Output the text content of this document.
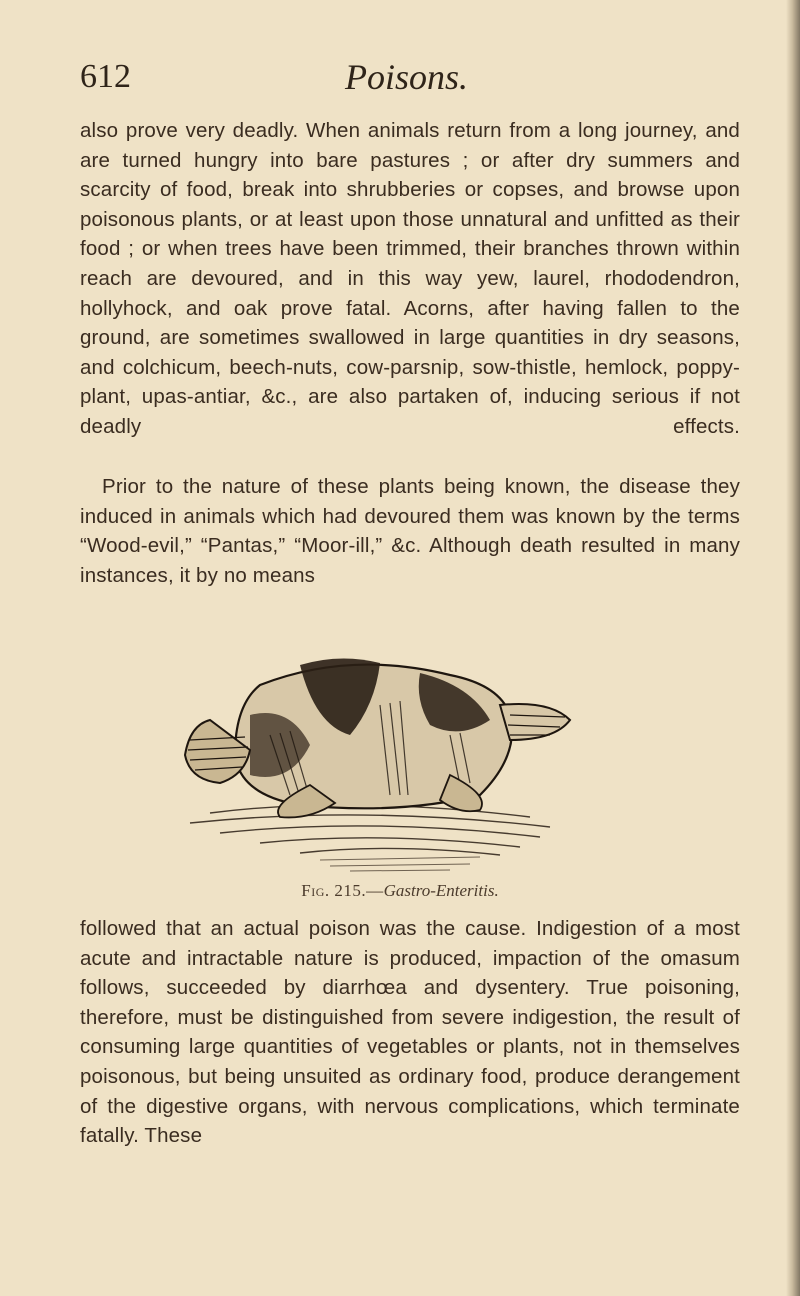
612	Poisons.

also prove very deadly. When animals return from a long journey, and are turned hungry into bare pastures ; or after dry summers and scarcity of food, break into shrubberies or copses, and browse upon poisonous plants, or at least upon those unnatural and unfitted as their food ; or when trees have been trimmed, their branches thrown within reach are devoured, and in this way yew, laurel, rhododendron, hollyhock, and oak prove fatal. Acorns, after having fallen to the ground, are sometimes swallowed in large quantities in dry seasons, and colchicum, beech-nuts, cow-parsnip, sow-thistle, hemlock, poppy-plant, upas-antiar, &c., are also partaken of, inducing serious if not deadly effects.

Prior to the nature of these plants being known, the disease they induced in animals which had devoured them was known by the terms “Wood-evil,” “Pantas,” “Moor-ill,” &c. Although death resulted in many instances, it by no means

Fig. 215.—Gastro-Enteritis.

followed that an actual poison was the cause. Indigestion of a most acute and intractable nature is produced, impaction of the omasum follows, succeeded by diarrhœa and dysentery. True poisoning, therefore, must be distinguished from severe indigestion, the result of consuming large quantities of vegetables or plants, not in themselves poisonous, but being unsuited as ordinary food, produce derangement of the digestive organs, with nervous complications, which terminate fatally. These
